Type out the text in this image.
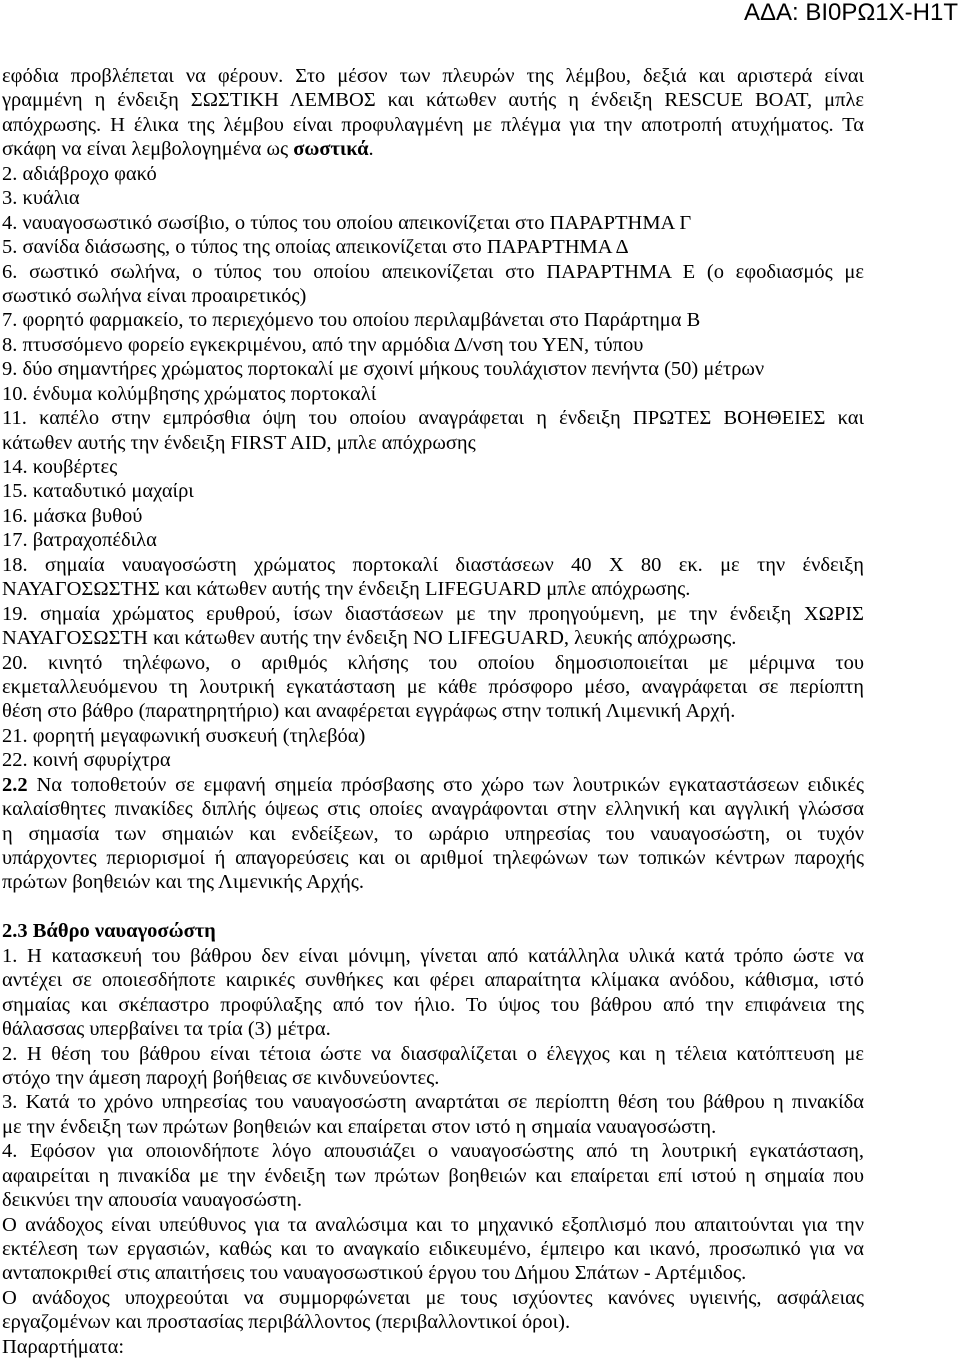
ΑΔΑ: ΒΙ0ΡΩ1Χ-Η1Τ
εφόδια προβλέπεται να φέρουν. Στο μέσον των πλευρών της λέμβου, δεξιά και αριστερά είναι
γραμμένη η ένδειξη ΣΩΣΤΙΚΗ ΛΕΜΒΟΣ και κάτωθεν αυτής η ένδειξη RESCUE BOAT, μπλε
απόχρωσης. Η έλικα της λέμβου είναι προφυλαγμένη με πλέγμα για την αποτροπή ατυχήματος. Τα
σκάφη να είναι λεμβολογημένα ως σωστικά.
2. αδιάβροχο φακό
3. κυάλια
4. ναυαγοσωστικό σωσίβιο, ο τύπος του οποίου απεικονίζεται στο ΠΑΡΑΡΤΗΜΑ Γ
5. σανίδα διάσωσης, ο τύπος της οποίας απεικονίζεται στο ΠΑΡΑΡΤΗΜΑ Δ
6. σωστικό σωλήνα, ο τύπος του οποίου απεικονίζεται στο ΠΑΡΑΡΤΗΜΑ Ε (ο εφοδιασμός με
σωστικό σωλήνα είναι προαιρετικός)
7. φορητό φαρμακείο, το περιεχόμενο του οποίου περιλαμβάνεται στο Παράρτημα Β
8. πτυσσόμενο φορείο εγκεκριμένου, από την αρμόδια Δ/νση του ΥΕΝ, τύπου
9. δύο σημαντήρες χρώματος πορτοκαλί με σχοινί μήκους τουλάχιστον πενήντα (50) μέτρων
10. ένδυμα κολύμβησης χρώματος πορτοκαλί
11. καπέλο στην εμπρόσθια όψη του οποίου αναγράφεται η ένδειξη ΠΡΩΤΕΣ ΒΟΗΘΕΙΕΣ και
κάτωθεν αυτής την ένδειξη FIRST AID, μπλε απόχρωσης
14. κουβέρτες
15. καταδυτικό μαχαίρι
16. μάσκα βυθού
17. βατραχοπέδιλα
18. σημαία ναυαγοσώστη χρώματος πορτοκαλί διαστάσεων 40 Χ 80 εκ. με την ένδειξη
ΝΑΥΑΓΟΣΩΣΤΗΣ και κάτωθεν αυτής την ένδειξη LIFEGUARD μπλε απόχρωσης.
19. σημαία χρώματος ερυθρού, ίσων διαστάσεων με την προηγούμενη, με την ένδειξη ΧΩΡΙΣ
ΝΑΥΑΓΟΣΩΣΤΗ και κάτωθεν αυτής την ένδειξη NO LIFEGUARD, λευκής απόχρωσης.
20. κινητό τηλέφωνο, ο αριθμός κλήσης του οποίου δημοσιοποιείται με μέριμνα του
εκμεταλλευόμενου τη λουτρική εγκατάσταση με κάθε πρόσφορο μέσο, αναγράφεται σε περίοπτη
θέση στο βάθρο (παρατηρητήριο) και αναφέρεται εγγράφως στην τοπική Λιμενική Αρχή.
21. φορητή μεγαφωνική συσκευή (τηλεβόα)
22. κοινή σφυρίχτρα
2.2 Να τοποθετούν σε εμφανή σημεία πρόσβασης στο χώρο των λουτρικών εγκαταστάσεων ειδικές
καλαίσθητες πινακίδες διπλής όψεως στις οποίες αναγράφονται στην ελληνική και αγγλική γλώσσα
η σημασία των σημαιών και ενδείξεων, το ωράριο υπηρεσίας του ναυαγοσώστη, οι τυχόν
υπάρχοντες περιορισμοί ή απαγορεύσεις και οι αριθμοί τηλεφώνων των τοπικών κέντρων παροχής
πρώτων βοηθειών και της Λιμενικής Αρχής.
2.3 Βάθρο ναυαγοσώστη
1. Η κατασκευή του βάθρου δεν είναι μόνιμη, γίνεται από κατάλληλα υλικά κατά τρόπο ώστε να
αντέχει σε οποιεσδήποτε καιρικές συνθήκες και φέρει απαραίτητα κλίμακα ανόδου, κάθισμα, ιστό
σημαίας και σκέπαστρο προφύλαξης από τον ήλιο. Το ύψος του βάθρου από την επιφάνεια της
θάλασσας υπερβαίνει τα τρία (3) μέτρα.
2. Η θέση του βάθρου είναι τέτοια ώστε να διασφαλίζεται ο έλεγχος και η τέλεια κατόπτευση με
στόχο την άμεση παροχή βοήθειας σε κινδυνεύοντες.
3. Κατά το χρόνο υπηρεσίας του ναυαγοσώστη αναρτάται σε περίοπτη θέση του βάθρου η πινακίδα
με την ένδειξη των πρώτων βοηθειών και επαίρεται στον ιστό η σημαία ναυαγοσώστη.
4. Εφόσον για οποιονδήποτε λόγο απουσιάζει ο ναυαγοσώστης από τη λουτρική εγκατάσταση,
αφαιρείται η πινακίδα με την ένδειξη των πρώτων βοηθειών και επαίρεται επί ιστού η σημαία που
δεικνύει την απουσία ναυαγοσώστη.
Ο ανάδοχος είναι υπεύθυνος για τα αναλώσιμα και το μηχανικό εξοπλισμό που απαιτούνται για την
εκτέλεση των εργασιών, καθώς και το αναγκαίο ειδικευμένο, έμπειρο και ικανό, προσωπικό για να
ανταποκριθεί στις απαιτήσεις του ναυαγοσωστικού έργου του Δήμου Σπάτων - Αρτέμιδος.
Ο ανάδοχος υποχρεούται να συμμορφώνεται με τους ισχύοντες κανόνες υγιεινής, ασφάλειας
εργαζομένων και προστασίας περιβάλλοντος (περιβαλλοντικοί όροι).
Παραρτήματα:
